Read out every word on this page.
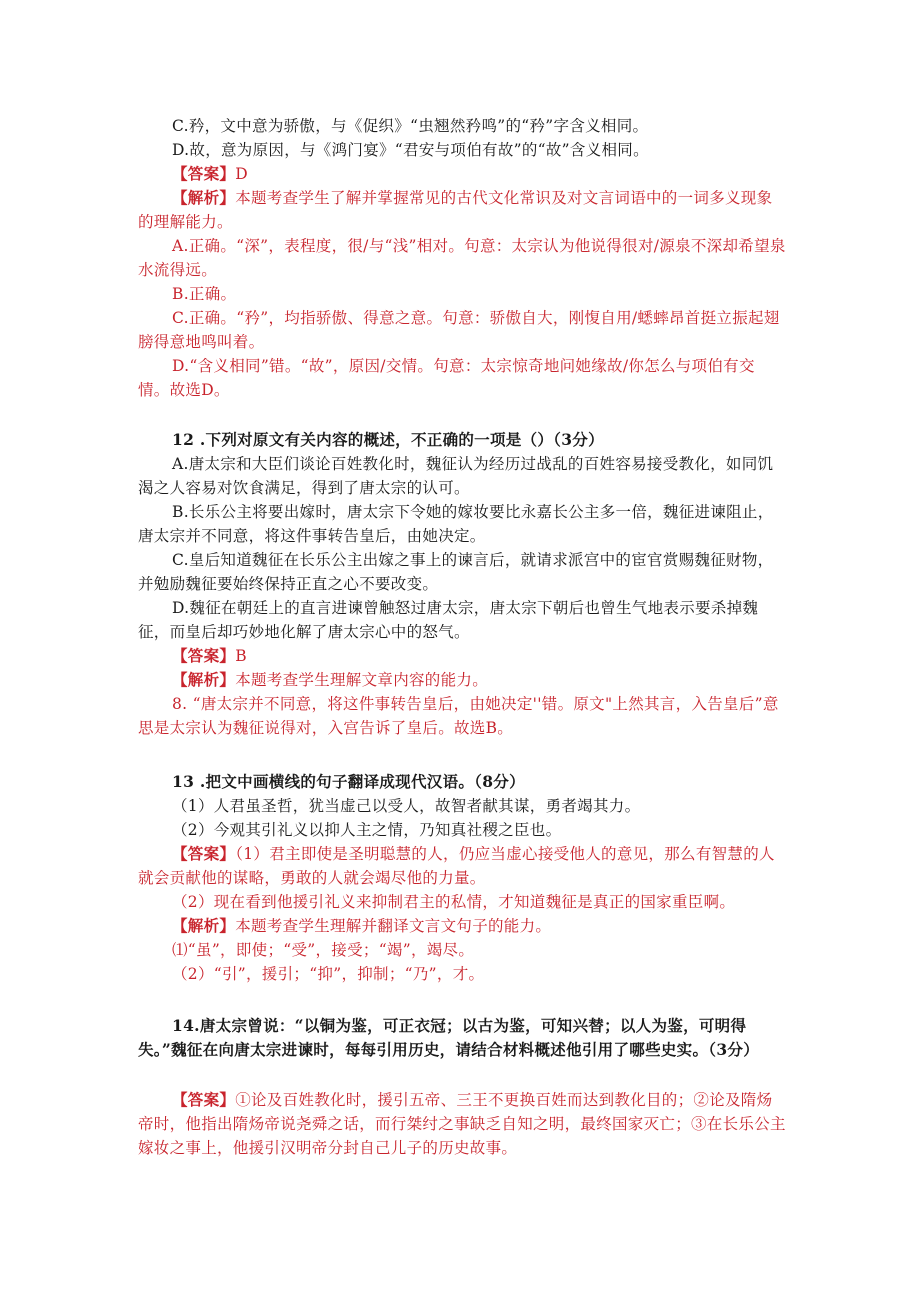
C.矜，文中意为骄傲，与《促织》“虫翘然矜鸣”的“矜”字含义相同。

D.故，意为原因，与《鸿门宴》“君安与项伯有故”的“故”含义相同。

【答案】D

【解析】本题考查学生了解并掌握常见的古代文化常识及对文言词语中的一词多义现象的理解能力。

A.正确。“深”，表程度，很/与“浅”相对。句意：太宗认为他说得很对/源泉不深却希望泉水流得远。

B.正确。

C.正确。“矜”，均指骄傲、得意之意。句意：骄傲自大，刚愎自用/蟋蟀昂首挺立振起翅膀得意地鸣叫着。

D.“含义相同”错。“故”，原因/交情。句意：太宗惊奇地问她缘故/你怎么与项伯有交情。故选D。

12 .下列对原文有关内容的概述，不正确的一项是（）（3分）

A.唐太宗和大臣们谈论百姓教化时，魏征认为经历过战乱的百姓容易接受教化，如同饥渴之人容易对饮食满足，得到了唐太宗的认可。

B.长乐公主将要出嫁时，唐太宗下令她的嫁妆要比永嘉长公主多一倍，魏征进谏阻止，唐太宗并不同意，将这件事转告皇后，由她决定。

C.皇后知道魏征在长乐公主出嫁之事上的谏言后，就请求派宫中的宦官赏赐魏征财物，并勉励魏征要始终保持正直之心不要改变。

D.魏征在朝廷上的直言进谏曾触怒过唐太宗，唐太宗下朝后也曾生气地表示要杀掉魏征，而皇后却巧妙地化解了唐太宗心中的怒气。

【答案】B

【解析】本题考查学生理解文章内容的能力。

8. “唐太宗并不同意，将这件事转告皇后，由她决定''错。原文"上然其言，入告皇后”意思是太宗认为魏征说得对，入宫告诉了皇后。故选B。

13 .把文中画横线的句子翻译成现代汉语。（8分）

（1）人君虽圣哲，犹当虚己以受人，故智者献其谋，勇者竭其力。

（2）今观其引礼义以抑人主之情，乃知真社稷之臣也。

【答案】（1）君主即使是圣明聪慧的人，仍应当虚心接受他人的意见，那么有智慧的人就会贡献他的谋略，勇敢的人就会竭尽他的力量。

（2）现在看到他援引礼义来抑制君主的私情，才知道魏征是真正的国家重臣啊。

【解析】本题考查学生理解并翻译文言文句子的能力。

⑴“虽”，即使；“受”，接受；“竭”，竭尽。

（2）“引”，援引；“抑”，抑制；“乃”，才。

14.唐太宗曾说：“以铜为鉴，可正衣冠；以古为鉴，可知兴替；以人为鉴，可明得失。”魏征在向唐太宗进谏时，每每引用历史，请结合材料概述他引用了哪些史实。（3分）

【答案】①论及百姓教化时，援引五帝、三王不更换百姓而达到教化目的；②论及隋炀帝时，他指出隋炀帝说尧舜之话，而行桀纣之事缺乏自知之明，最终国家灭亡；③在长乐公主嫁妆之事上，他援引汉明帝分封自己儿子的历史故事。
